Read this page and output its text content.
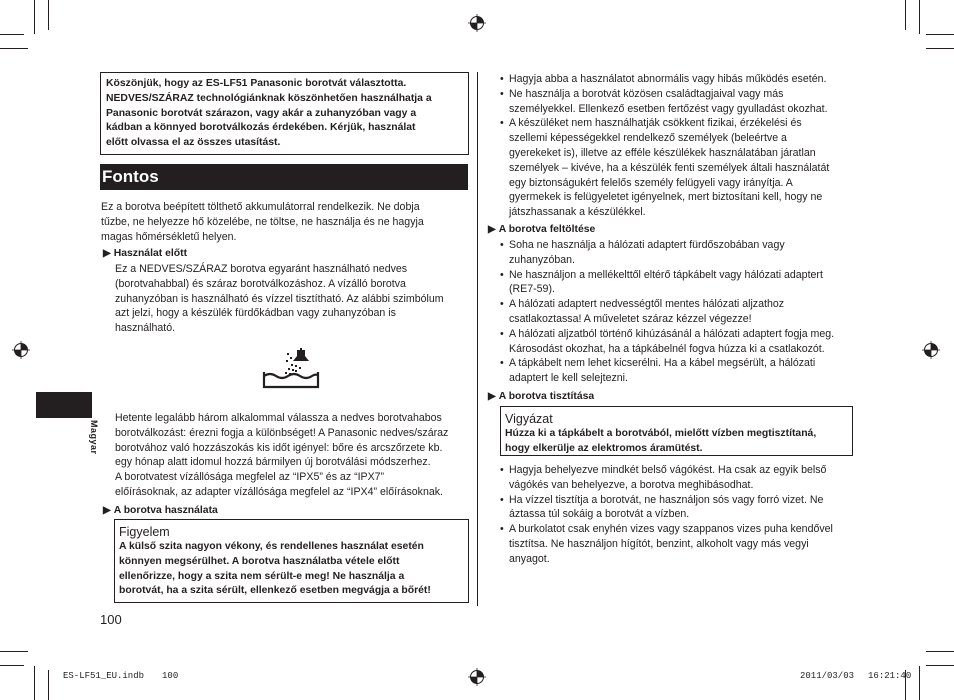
Magyar
Köszönjük, hogy az ES-LF51 Panasonic borotvát választotta.
NEDVES/SZÁRAZ technológiánknak köszönhetően használhatja a
Panasonic borotvát szárazon, vagy akár a zuhanyzóban vagy a
kádban a könnyed borotválkozás érdekében. Kérjük, használat
előtt olvassa el az összes utasítást.
Fontos
Ez a borotva beépített tölthető akkumulátorral rendelkezik. Ne dobja
tűzbe, ne helyezze hő közelébe, ne töltse, ne használja és ne hagyja
magas hőmérsékletű helyen.
▶ Használat előtt
Ez a NEDVES/SZÁRAZ borotva egyaránt használható nedves
(borotvahabbal) és száraz borotválkozáshoz. A vízálló borotva
zuhanyzóban is használható és vízzel tisztítható. Az alábbi szimbólum
azt jelzi, hogy a készülék fürdőkádban vagy zuhanyzóban is
használható.
Hetente legalább három alkalommal válassza a nedves borotvahabos
borotválkozást: érezni fogja a különbséget! A Panasonic nedves/száraz
borotvához való hozzászokás kis időt igényel: bőre és arcszőrzete kb.
egy hónap alatt idomul hozzá bármilyen új borotválási módszerhez.
A borotvatest vízállósága megfelel az “IPX5” és az “IPX7”
előírásoknak, az adapter vízállósága megfelel az “IPX4” előírásoknak.
▶ A borotva használata
Figyelem
A külső szita nagyon vékony, és rendellenes használat esetén
könnyen megsérülhet. A borotva használatba vétele előtt
ellenőrizze, hogy a szita nem sérült-e meg! Ne használja a
borotvát, ha a szita sérült, ellenkező esetben megvágja a bőrét!
100
• Hagyja abba a használatot abnormális vagy hibás működés esetén.
• Ne használja a borotvát közösen családtagjaival vagy más
személyekkel. Ellenkező esetben fertőzést vagy gyulladást okozhat.
• A készüléket nem használhatják csökkent fizikai, érzékelési és
szellemi képességekkel rendelkező személyek (beleértve a
gyerekeket is), illetve az efféle készülékek használatában járatlan
személyek – kivéve, ha a készülék fenti személyek általi használatát
egy biztonságukért felelős személy felügyeli vagy irányítja. A
gyermekek is felügyeletet igényelnek, mert biztosítani kell, hogy ne
játszhassanak a készülékkel.
▶ A borotva feltöltése
• Soha ne használja a hálózati adaptert fürdőszobában vagy
zuhanyzóban.
• Ne használjon a mellékelttől eltérő tápkábelt vagy hálózati adaptert
(RE7-59).
• A hálózati adaptert nedvességtől mentes hálózati aljzathoz
csatlakoztassa! A műveletet száraz kézzel végezze!
• A hálózati aljzatból történő kihúzásánál a hálózati adaptert fogja meg.
Károsodást okozhat, ha a tápkábelnél fogva húzza ki a csatlakozót.
• A tápkábelt nem lehet kicserélni. Ha a kábel megsérült, a hálózati
adaptert le kell selejtezni.
▶ A borotva tisztítása
Vigyázat
Húzza ki a tápkábelt a borotvából, mielőtt vízben megtisztítaná,
hogy elkerülje az elektromos áramütést.
• Hagyja behelyezve mindkét belső vágókést. Ha csak az egyik belső
vágókés van behelyezve, a borotva meghibásodhat.
• Ha vízzel tisztítja a borotvát, ne használjon sós vagy forró vizet. Ne
áztassa túl sokáig a borotvát a vízben.
• A burkolatot csak enyhén vizes vagy szappanos vizes puha kendővel
tisztítsa. Ne használjon hígítót, benzint, alkoholt vagy más vegyi
anyagot.
ES-LF51_EU.indb 100	2011/03/03 16:21:40
